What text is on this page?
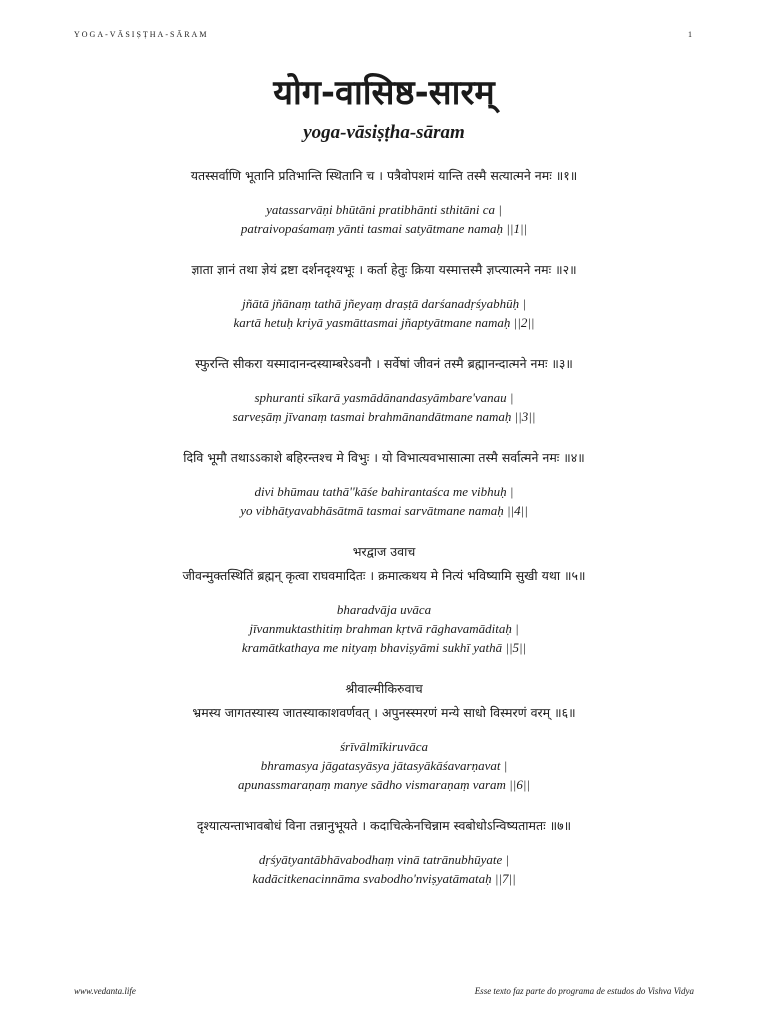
YOGA-VĀSIṢṬHA-SĀRAM	1
योग-वासिष्ठ-सारम्
yoga-vāsiṣṭha-sāram
यतस्सर्वाणि भूतानि प्रतिभान्ति स्थितानि च । पत्रैवोपशमं यान्ति तस्मै सत्यात्मने नमः ॥१॥
yatassarvāṇi bhūtāni pratibhānti sthitāni ca |
patraivopaśamaṃ yānti tasmai satyātmane namaḥ ||1||
ज्ञाता ज्ञानं तथा ज्ञेयं द्रष्टा दर्शनदृश्यभूः । कर्ता हेतुः क्रिया यस्मात्तस्मै ज्ञप्त्यात्मने नमः ॥२॥
jñātā jñānaṃ tathā jñeyaṃ draṣṭā darśanadṛśyabhūḥ |
kartā hetuḥ kriyā yasmāttasmai jñaptyātmane namaḥ ||2||
स्फुरन्ति सीकरा यस्मादानन्दस्याम्बरेऽवनौ । सर्वेषां जीवनं तस्मै ब्रह्मानन्दात्मने नमः ॥३॥
sphuranti sīkarā yasmādānandasyāmbare'vanau |
sarveṣāṃ jīvanaṃ tasmai brahmānandātmane namaḥ ||3||
दिवि भूमौ तथाऽऽकाशे बहिरन्तश्च मे विभुः । यो विभात्यवभासात्मा तस्मै सर्वात्मने नमः ॥४॥
divi bhūmau tathā''kāśe bahirantaśca me vibhuḥ |
yo vibhātyavabhāsātmā tasmai sarvātmane namaḥ ||4||
भरद्वाज उवाच
जीवन्मुक्तस्थितिं ब्रह्मन् कृत्वा राघवमादितः । क्रमात्कथय मे नित्यं भविष्यामि सुखी यथा ॥५॥
bharadvāja uvāca
jīvanmuktasthitiṃ brahman kṛtvā rāghavamāditaḥ |
kramātkathaya me nityaṃ bhaviṣyāmi sukhī yathā ||5||
श्रीवाल्मीकिरुवाच
भ्रमस्य जागतस्यास्य जातस्याकाशवर्णवत् । अपुनस्स्मरणं मन्ये साधो विस्मरणं वरम् ॥६॥
śrīvālmīkiruvāca
bhramasya jāgatasyāsya jātasyākāśavarṇavat |
apunassmaraṇaṃ manye sādho vismaraṇaṃ varam ||6||
दृश्यात्यन्ताभावबोधं विना तन्नानुभूयते । कदाचित्केनचिन्नाम स्वबोधोऽन्विष्यतामतः ॥७॥
dṛśyātyantābhāvabodhaṃ vinā tatrānubhūyate |
kadācitkenacinnāma svabodho'nviṣyatāmataḥ ||7||
www.vedanta.life	Esse texto faz parte do programa de estudos do Vishva Vidya
